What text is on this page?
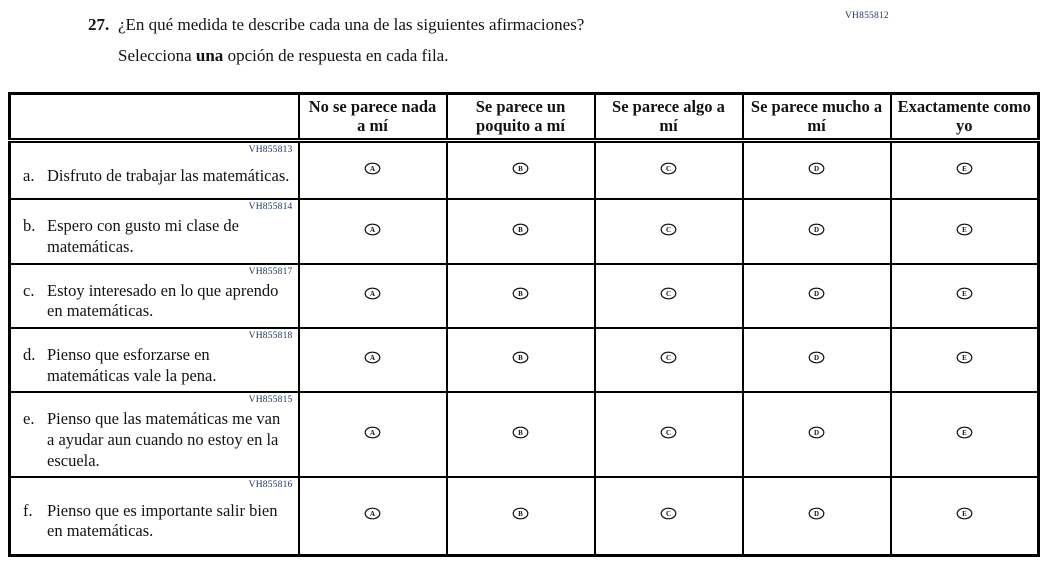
VH855812
27. ¿En qué medida te describe cada una de las siguientes afirmaciones?
Selecciona una opción de respuesta en cada fila.
	No se parece nada a mí	Se parece un poquito a mí	Se parece algo a mí	Se parece mucho a mí	Exactamente como yo

VH855813
a. Disfruto de trabajar las matemáticas.	A	B	C	D	E

VH855814
b. Espero con gusto mi clase de matemáticas.	A	B	C	D	E

VH855817
c. Estoy interesado en lo que aprendo en matemáticas.	A	B	C	D	E

VH855818
d. Pienso que esforzarse en matemáticas vale la pena.	A	B	C	D	E

VH855815
e. Pienso que las matemáticas me van a ayudar aun cuando no estoy en la escuela.	A	B	C	D	E

VH855816
f. Pienso que es importante salir bien en matemáticas.	A	B	C	D	E
